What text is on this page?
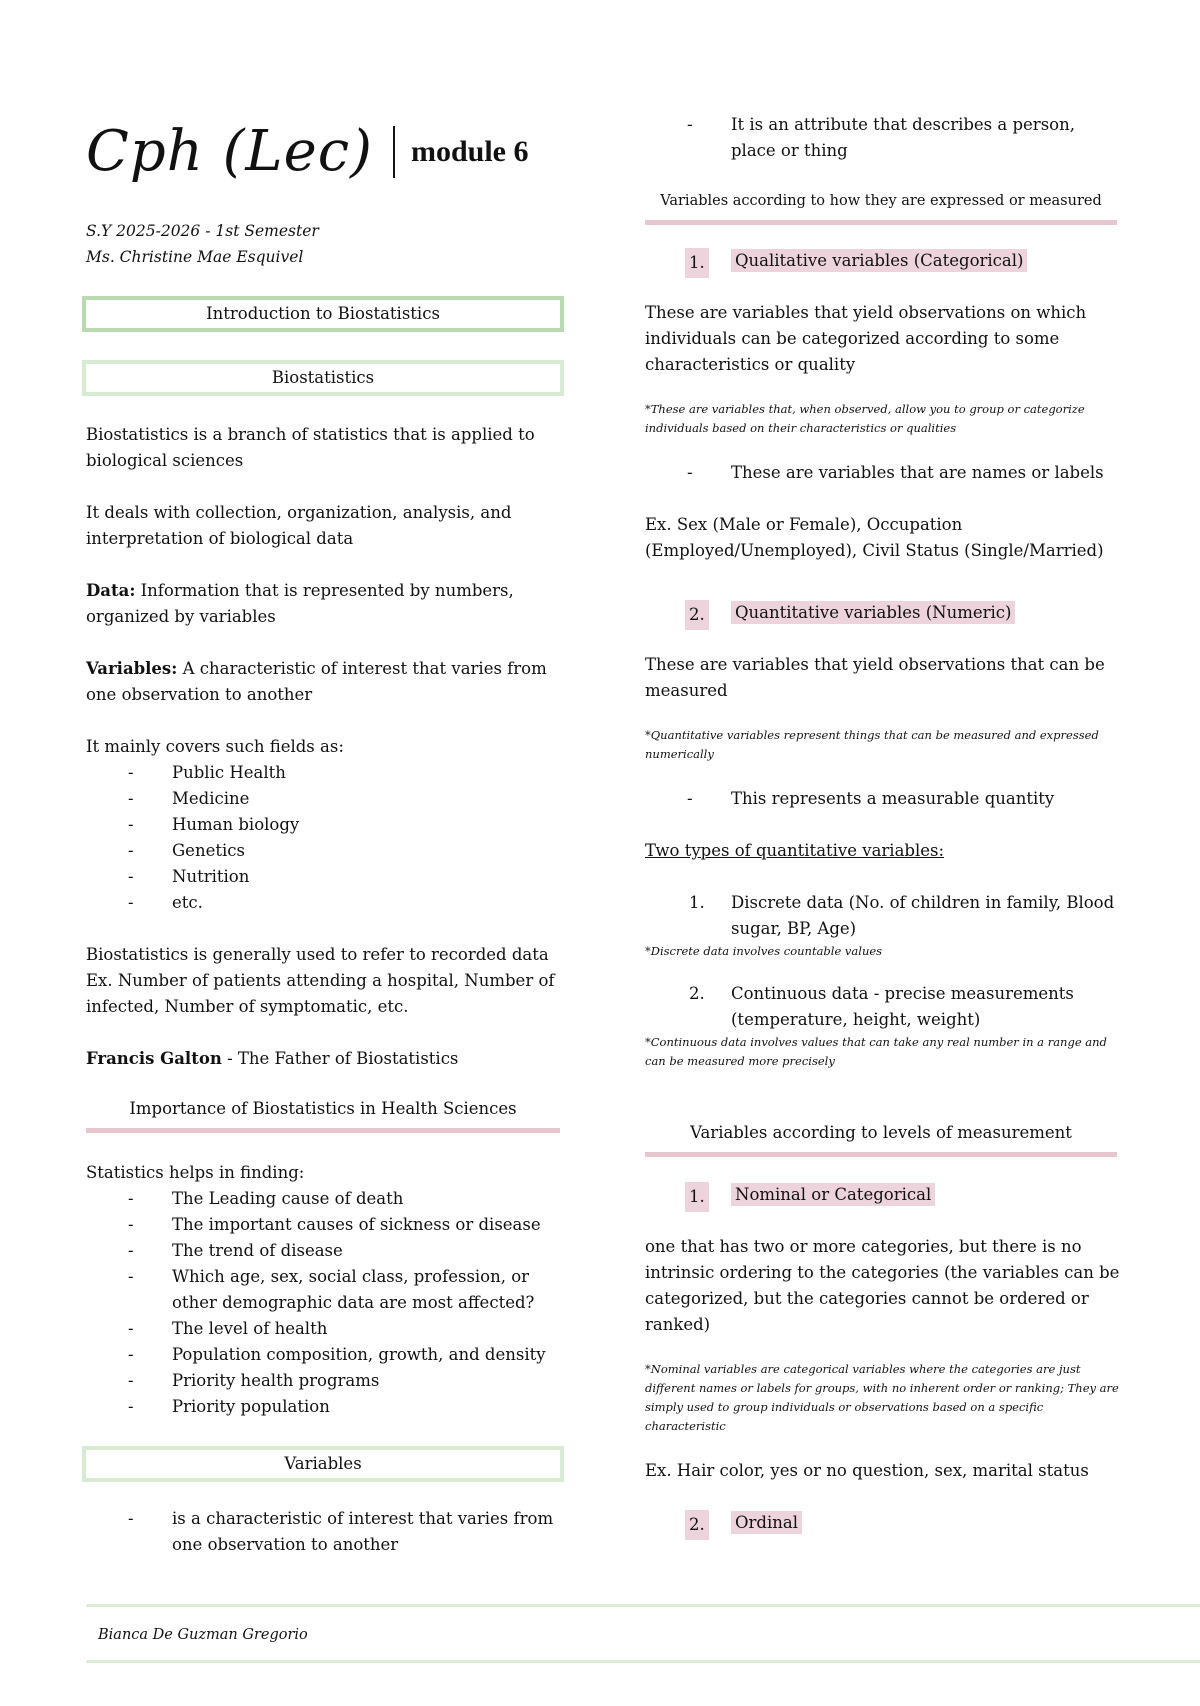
Cph (Lec) module 6
S.Y 2025-2026 - 1st Semester
Ms. Christine Mae Esquivel
Introduction to Biostatistics
Biostatistics

Biostatistics is a branch of statistics that is applied to biological sciences

It deals with collection, organization, analysis, and interpretation of biological data

Data: Information that is represented by numbers, organized by variables

Variables: A characteristic of interest that varies from one observation to another

It mainly covers such fields as:

- Public Health
- Medicine
- Human biology
- Genetics
- Nutrition
- etc.

Biostatistics is generally used to refer to recorded data

Ex. Number of patients attending a hospital, Number of infected, Number of symptomatic, etc.

Francis Galton - The Father of Biostatistics

Importance of Biostatistics in Health Sciences

Statistics helps in finding:

- The Leading cause of death
- The important causes of sickness or disease
- The trend of disease
- Which age, sex, social class, profession, or other demographic data are most affected?
- The level of health
- Population composition, growth, and density
- Priority health programs
- Priority population
Variables
- is a characteristic of interest that varies from one observation to another
- It is an attribute that describes a person, place or thing
Variables according to how they are expressed or measured
1. Qualitative variables (Categorical)

These are variables that yield observations on which individuals can be categorized according to some characteristics or quality

*These are variables that, when observed, allow you to group or categorize individuals based on their characteristics or qualities

- These are variables that are names or labels

Ex. Sex (Male or Female), Occupation (Employed/Unemployed), Civil Status (Single/Married)

2. Quantitative variables (Numeric)

These are variables that yield observations that can be measured

*Quantitative variables represent things that can be measured and expressed numerically

- This represents a measurable quantity

Two types of quantitative variables:

1. Discrete data (No. of children in family, Blood sugar, BP, Age)

*Discrete data involves countable values

2. Continuous data - precise measurements (temperature, height, weight)

*Continuous data involves values that can take any real number in a range and can be measured more precisely

Variables according to levels of measurement
1. Nominal or Categorical

one that has two or more categories, but there is no intrinsic ordering to the categories (the variables can be categorized, but the categories cannot be ordered or ranked)

*Nominal variables are categorical variables where the categories are just different names or labels for groups, with no inherent order or ranking; They are simply used to group individuals or observations based on a specific characteristic

Ex. Hair color, yes or no question, sex, marital status

2. Ordinal
Bianca De Guzman Gregorio
